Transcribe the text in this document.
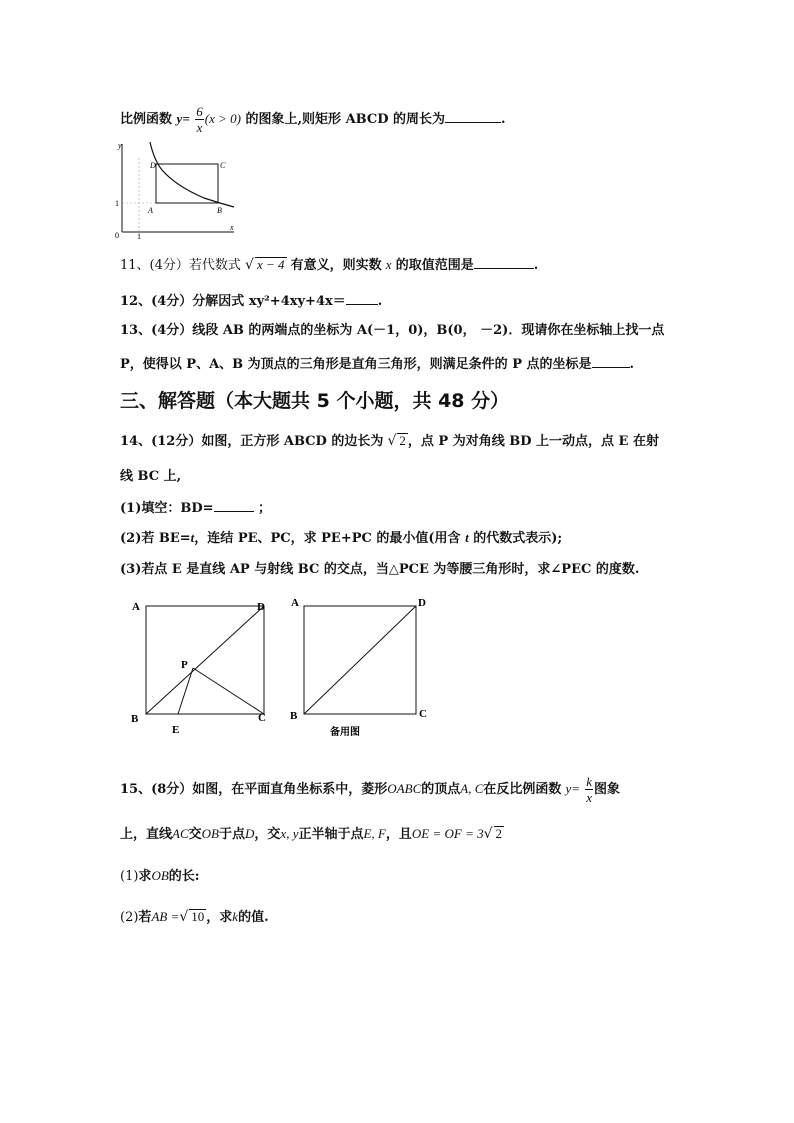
比例函数 $y= \frac{6}{x} (x > 0)$ 的图象上,则矩形 ABCD 的周长为	.
y
x
0 1
1
A	B
C
D
11、(4分）若代数式 √ x − 4 有意义，则实数 x 的取值范围是	.
12、(4分）分解因式 xy²+4xy+4x＝ .
13、(4分）线段 AB 的两端点的坐标为 A(－1，0)，B(0， －2)．现请你在坐标轴上找一点
P，使得以 P、A、B 为顶点的三角形是直角三角形，则满足条件的 P 点的坐标是	.
三、解答题（本大题共 5 个小题，共 48 分）
14、(12分）如图，正方形 ABCD 的边长为 √ 2 ，点 P 为对角线 BD 上一动点，点 E 在射
线 BC 上,
(1)填空：BD=	；
(2)若 BE=t，连结 PE、PC，求 PE+PC 的最小值(用含 t 的代数式表示);
(3)若点 E 是直线 AP 与射线 BC 的交点，当△PCE 为等腰三角形时，求∠PEC 的度数.
A	D
B	C
P
E
A	D
B	C
备用图
15、(8分）如图，在平面直角坐标系中，菱形OABC的顶点A, C在反比例函数 $y= \frac{k}{x}$ 图象
上，直线AC交OB于点D，交x, y正半轴于点E, F，且OE = OF = 3√ 2
(1)求OB的长:
(2)若AB =√ 10 ，求k的值.
